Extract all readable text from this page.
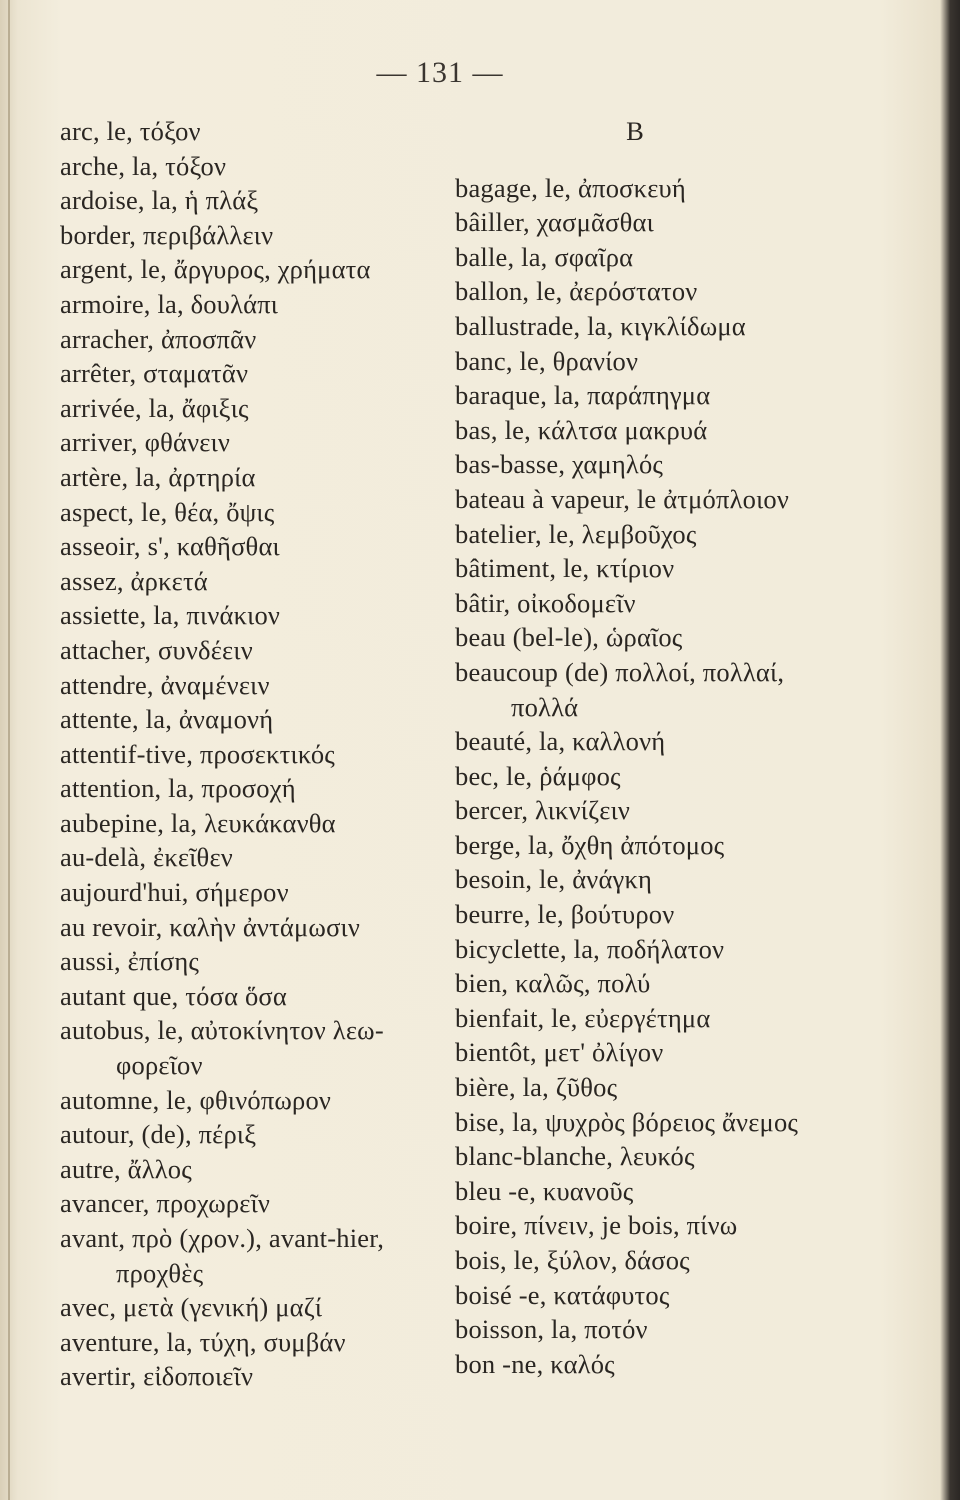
— 131 —
arc, le, τόξον
arche, la, τόξον
ardoise, la, ἡ πλάξ
border, περιβάλλειν
argent, le, ἄργυρος, χρήματα
armoire, la, δουλάπι
arracher, ἀποσπᾶν
arrêter, σταματᾶν
arrivée, la, ἄφιξις
arriver, φθάνειν
artère, la, ἀρτηρία
aspect, le, θέα, ὄψις
asseoir, s', καθῆσθαι
assez, ἀρκετά
assiette, la, πινάκιον
attacher, συνδέειν
attendre, ἀναμένειν
attente, la, ἀναμονή
attentif-tive, προσεκτικός
attention, la, προσοχή
aubepine, la, λευκάκανθα
au-delà, ἐκεῖθεν
aujourd'hui, σήμερον
au revoir, καλὴν ἀντάμωσιν
aussi, ἐπίσης
autant que, τόσα ὅσα
autobus, le, αὐτοκίνητον λεω-
φορεῖον
automne, le, φθινόπωρον
autour, (de), πέριξ
autre, ἄλλος
avancer, προχωρεῖν
avant, πρὸ (χρον.), avant-hier,
προχθὲς
avec, μετὰ (γενική) μαζί
aventure, la, τύχη, συμβάν
avertir, εἰδοποιεῖν
B
bagage, le, ἀποσκευή
bâiller, χασμᾶσθαι
balle, la, σφαῖρα
ballon, le, ἀερόστατον
ballustrade, la, κιγκλίδωμα
banc, le, θρανίον
baraque, la, παράπηγμα
bas, le, κάλτσα μακρυά
bas-basse, χαμηλός
bateau à vapeur, le ἀτμόπλοιον
batelier, le, λεμβοῦχος
bâtiment, le, κτίριον
bâtir, οἰκοδομεῖν
beau (bel-le), ὡραῖος
beaucoup (de) πολλοί, πολλαί,
πολλά
beauté, la, καλλονή
bec, le, ῥάμφος
bercer, λικνίζειν
berge, la, ὄχθη ἀπότομος
besoin, le, ἀνάγκη
beurre, le, βούτυρον
bicyclette, la, ποδήλατον
bien, καλῶς, πολύ
bienfait, le, εὐεργέτημα
bientôt, μετ' ὀλίγον
bière, la, ζῦθος
bise, la, ψυχρὸς βόρειος ἄνεμος
blanc-blanche, λευκός
bleu -e, κυανοῦς
boire, πίνειν, je bois, πίνω
bois, le, ξύλον, δάσος
boisé -e, κατάφυτος
boisson, la, ποτόν
bon -ne, καλός
